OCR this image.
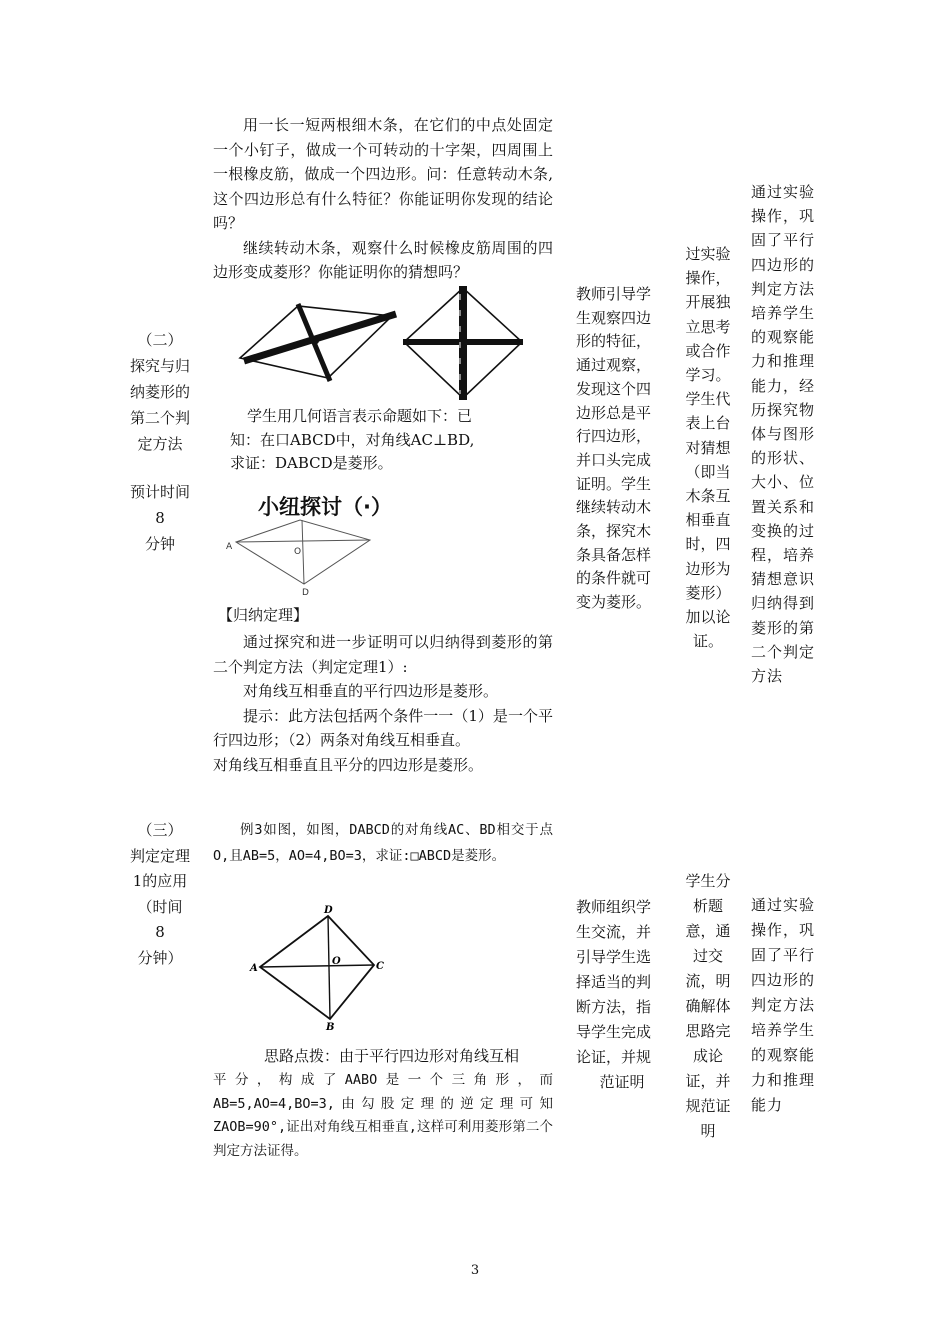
（二）
探究与归
纳菱形的
第二个判
定方法
预计时间
8
分钟

用一长一短两根细木条，在它们的中点处固定一个小钉子，做成一个可转动的十字架，四周围上一根橡皮筋，做成一个四边形。问：任意转动木条,这个四边形总有什么特征？你能证明你发现的结论吗？

继续转动木条，观察什么时候橡皮筋周围的四边形变成菱形？你能证明你的猜想吗？

学生用几何语言表示命题如下：已
知：在口ABCD中，对角线AC⊥BD,
求证：DABCD是菱形。
小纽探讨（·）
A	O
D
【归纳定理】

通过探究和进一步证明可以归纳得到菱形的第二个判定方法（判定定理1）:

对角线互相垂直的平行四边形是菱形。

提示：此方法包括两个条件一一（1）是一个平行四边形；（2）两条对角线互相垂直。

对角线互相垂直且平分的四边形是菱形。

教师引导学
生观察四边
形的特征，
通过观察，
发现这个四
边形总是平
行四边形，
并口头完成
证明。学生
继续转动木
条，探究木
条具备怎样
的条件就可
变为菱形。
过实验
操作，
开展独
立思考
或合作
学习。
学生代
表上台
对猜想
（即当
木条互
相垂直
时，四
边形为
菱形）
加以论
证。
通过实验
操作，巩
固了平行
四边形的
判定方法
培养学生
的观察能
力和推理
能力，经
历探究物
体与图形
的形状、
大小、位
置关系和
变换的过
程，培养
猜想意识
归纳得到
菱形的第
二个判定
方法
（三）
判定定理
1的应用
（时间
8
分钟）

例3如图，如图，DABCD的对角线AC、BD相交于点O,且AB=5，AO=4,BO=3，求证:□ABCD是菱形。

D
A
O	C
B
思路点拨：由于平行四边形对角线互相

平分，构成了AABO是一个三角形，而AB=5,AO=4,BO=3,由勾股定理的逆定理可知ZAOB=90°,证出对角线互相垂直,这样可利用菱形第二个判定方法证得。

教师组织学
生交流，并
引导学生选
择适当的判
断方法，指
导学生完成
论证，并规
范证明
学生分
析题
意，通
过交
流，明
确解体
思路完
成论
证，并
规范证
明
通过实验
操作，巩
固了平行
四边形的
判定方法
培养学生
的观察能
力和推理
能力
3
